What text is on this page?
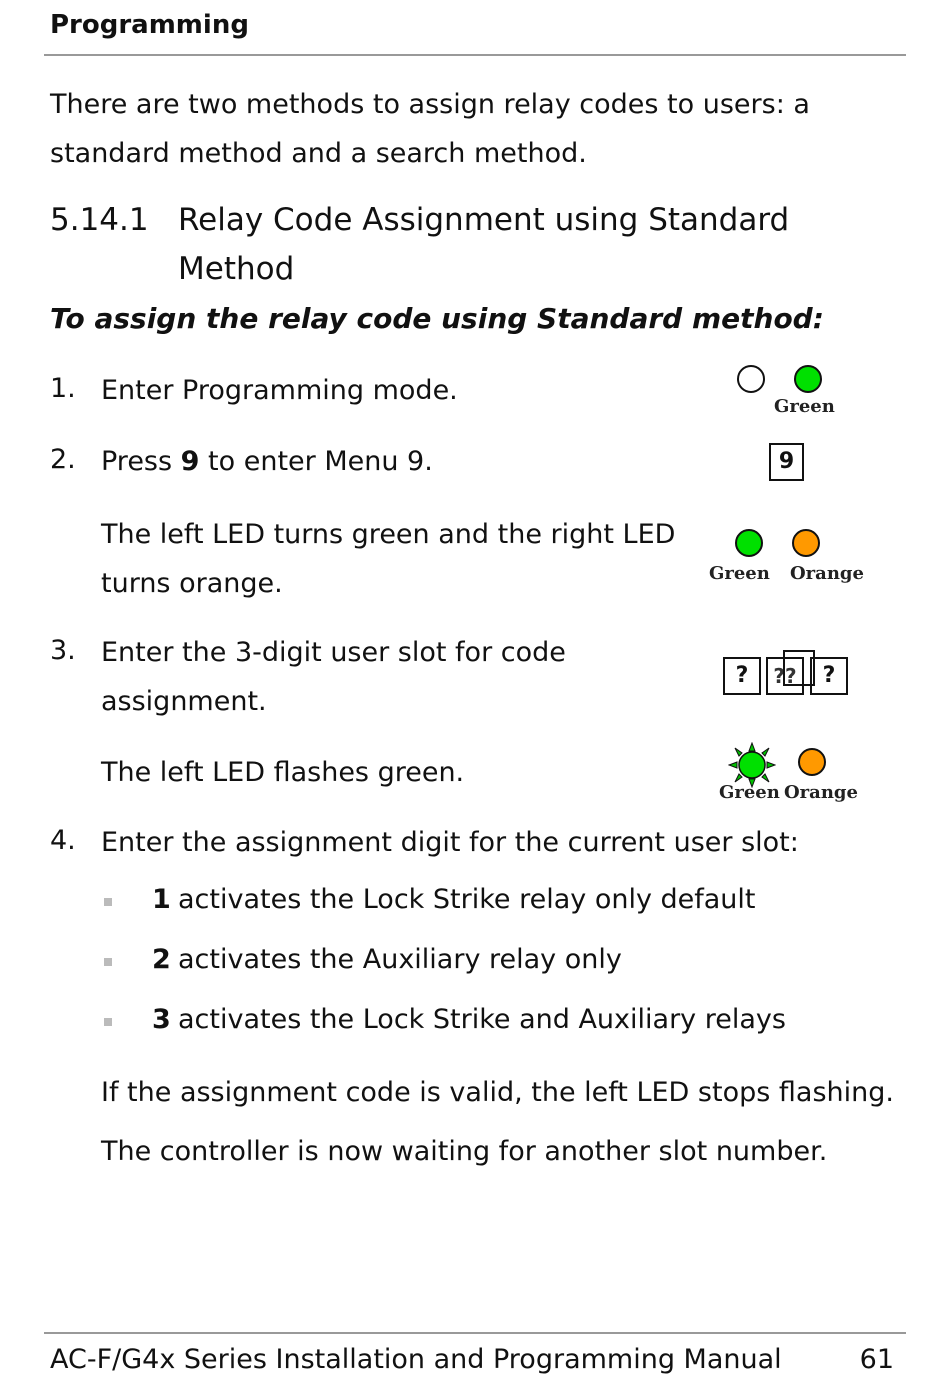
Programming
There are two methods to assign relay codes to users: a standard method and a search method.
5.14.1 Relay Code Assignment using Standard Method
To assign the relay code using Standard method:
1. Enter Programming mode.
Green
2. Press 9 to enter Menu 9.	9
The left LED turns green and the right LED turns orange.	Green Orange
3. Enter the 3-digit user slot for code assignment.
?	??	?
The left LED flashes green.
Green Orange
4. Enter the assignment digit for the current user slot:
1 activates the Lock Strike relay only default
2 activates the Auxiliary relay only
3 activates the Lock Strike and Auxiliary relays
If the assignment code is valid, the left LED stops flashing.
The controller is now waiting for another slot number.
AC-F/G4x Series Installation and Programming Manual	61
